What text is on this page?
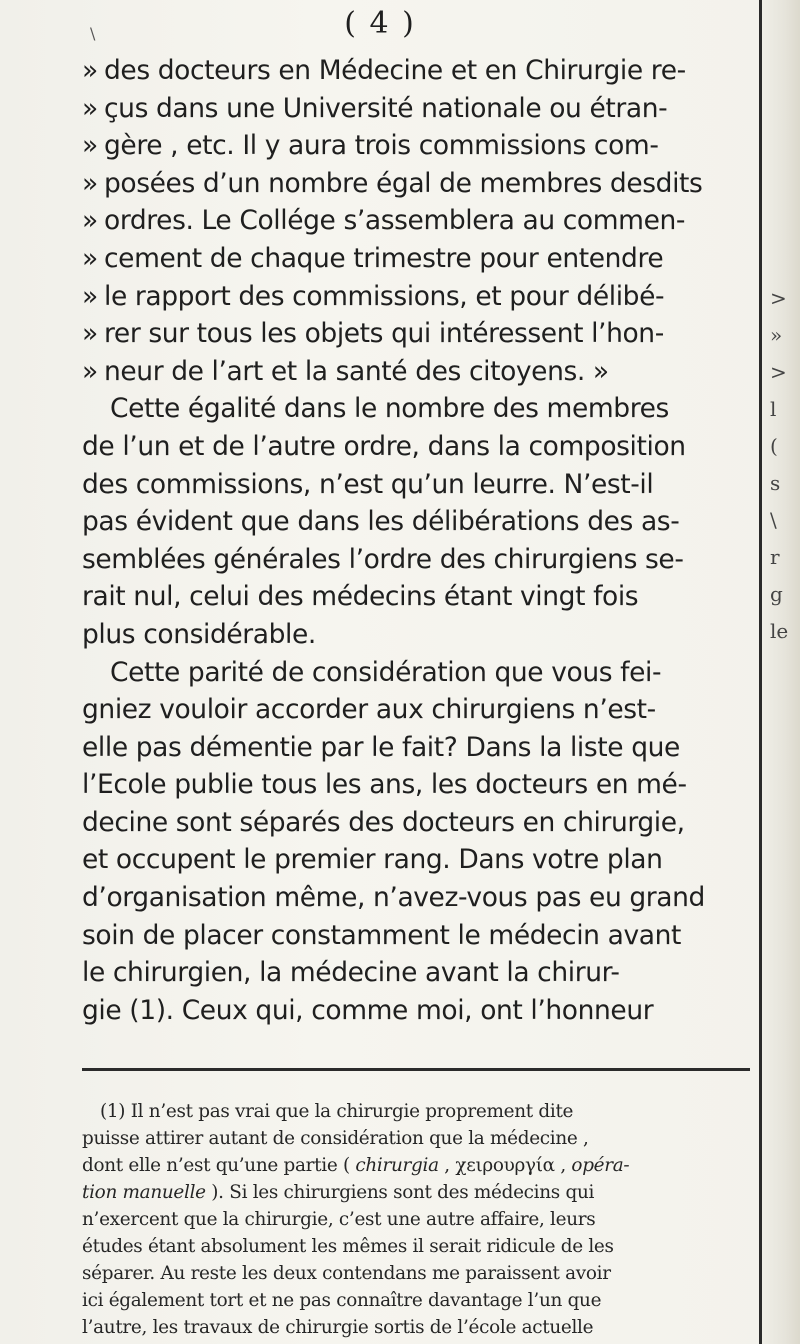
\	( 4 )
» des docteurs en Médecine et en Chirurgie re-
» çus dans une Université nationale ou étran-
» gère , etc. Il y aura trois commissions com-
» posées d’un nombre égal de membres desdits
» ordres. Le Collége s’assemblera au commen-
» cement de chaque trimestre pour entendre
» le rapport des commissions, et pour délibé-
» rer sur tous les objets qui intéressent l’hon-
» neur de l’art et la santé des citoyens. »
Cette égalité dans le nombre des membres
de l’un et de l’autre ordre, dans la composition
des commissions, n’est qu’un leurre. N’est-il
pas évident que dans les délibérations des as-
semblées générales l’ordre des chirurgiens se-
rait nul, celui des médecins étant vingt fois
plus considérable.
Cette parité de considération que vous fei-
gniez vouloir accorder aux chirurgiens n’est-
elle pas démentie par le fait? Dans la liste que
l’Ecole publie tous les ans, les docteurs en mé-
decine sont séparés des docteurs en chirurgie,
et occupent le premier rang. Dans votre plan
d’organisation même, n’avez-vous pas eu grand
soin de placer constamment le médecin avant
le chirurgien, la médecine avant la chirur-
gie (1). Ceux qui, comme moi, ont l’honneur
(1) Il n’est pas vrai que la chirurgie proprement dite
puisse attirer autant de considération que la médecine ,
dont elle n’est qu’une partie ( chirurgia , χειρουργία , opéra-
tion manuelle ). Si les chirurgiens sont des médecins qui
n’exercent que la chirurgie, c’est une autre affaire, leurs
études étant absolument les mêmes il serait ridicule de les
séparer. Au reste les deux contendans me paraissent avoir
ici également tort et ne pas connaître davantage l’un que
l’autre, les travaux de chirurgie sortis de l’école actuelle
>
»
>
l
(
s
\
r
g
le
